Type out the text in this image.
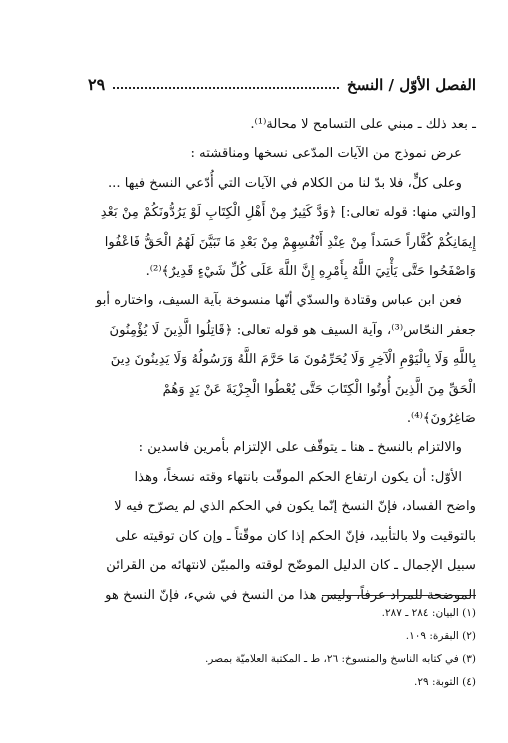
الفصل الأوّل / النسخ
٢٩

ـ بعد ذلك ـ مبني على التسامح لا محالة⁽¹⁾.

عرض نموذج من الآيات المدّعى نسخها ومناقشته :

وعلى كلٍّ، فلا بدّ لنا من الكلام في الآيات التي أُدّعي النسخ فيها ...

[والتي منها: قوله تعالى:] ﴿وَدَّ كَثِيرٌ مِنْ أَهْلِ الْكِتَابِ لَوْ يَرُدُّونَكُمْ مِنْ بَعْدِ

إِيمَانِكُمْ كُفَّاراً حَسَداً مِنْ عِنْدِ أَنْفُسِهِمْ مِنْ بَعْدِ مَا تَبَيَّنَ لَهُمُ الْحَقُّ فَاعْفُوا

وَاصْفَحُوا حَتَّى يَأْتِيَ اللَّهُ بِأَمْرِهِ إِنَّ اللَّهَ عَلَى كُلِّ شَيْءٍ قَدِيرٌ﴾⁽²⁾.

فعن ابن عباس وقتادة والسدّي أنّها منسوخة بآية السيف، واختاره أبو

جعفر النحّاس⁽³⁾، وآية السيف هو قوله تعالى: ﴿قَاتِلُوا الَّذِينَ لَا يُؤْمِنُونَ

بِاللَّهِ وَلَا بِالْيَوْمِ الْآخِرِ وَلَا يُحَرِّمُونَ مَا حَرَّمَ اللَّهُ وَرَسُولُهُ وَلَا يَدِينُونَ دِينَ

الْحَقِّ مِنَ الَّذِينَ أُوتُوا الْكِتَابَ حَتَّى يُعْطُوا الْجِزْيَةَ عَنْ يَدٍ وَهُمْ

صَاغِرُونَ﴾⁽⁴⁾.

والالتزام بالنسخ ـ هنا ـ يتوقّف على الإلتزام بأمرين فاسدين :

الأوّل: أن يكون ارتفاع الحكم الموقّت بانتهاء وقته نسخاً، وهذا

واضح الفساد، فإنّ النسخ إنّما يكون في الحكم الذي لم يصرّح فيه لا

بالتوقيت ولا بالتأبيد، فإنّ الحكم إذا كان موقّتاً ـ وإن كان توقيته على

سبيل الإجمال ـ كان الدليل الموضّح لوقته والمبيّن لانتهائه من القرائن

الموضحة للمراد عرفاً، وليس هذا من النسخ في شيء، فإنّ النسخ هو

(١) البيان: ٢٨٤ ـ ٢٨٧.
(٢) البقرة: ١٠٩.
(٣) في كتابه الناسخ والمنسوخ: ٢٦، ط ـ المكتبة العلاميّة بمصر.
(٤) التوبة: ٢٩.
